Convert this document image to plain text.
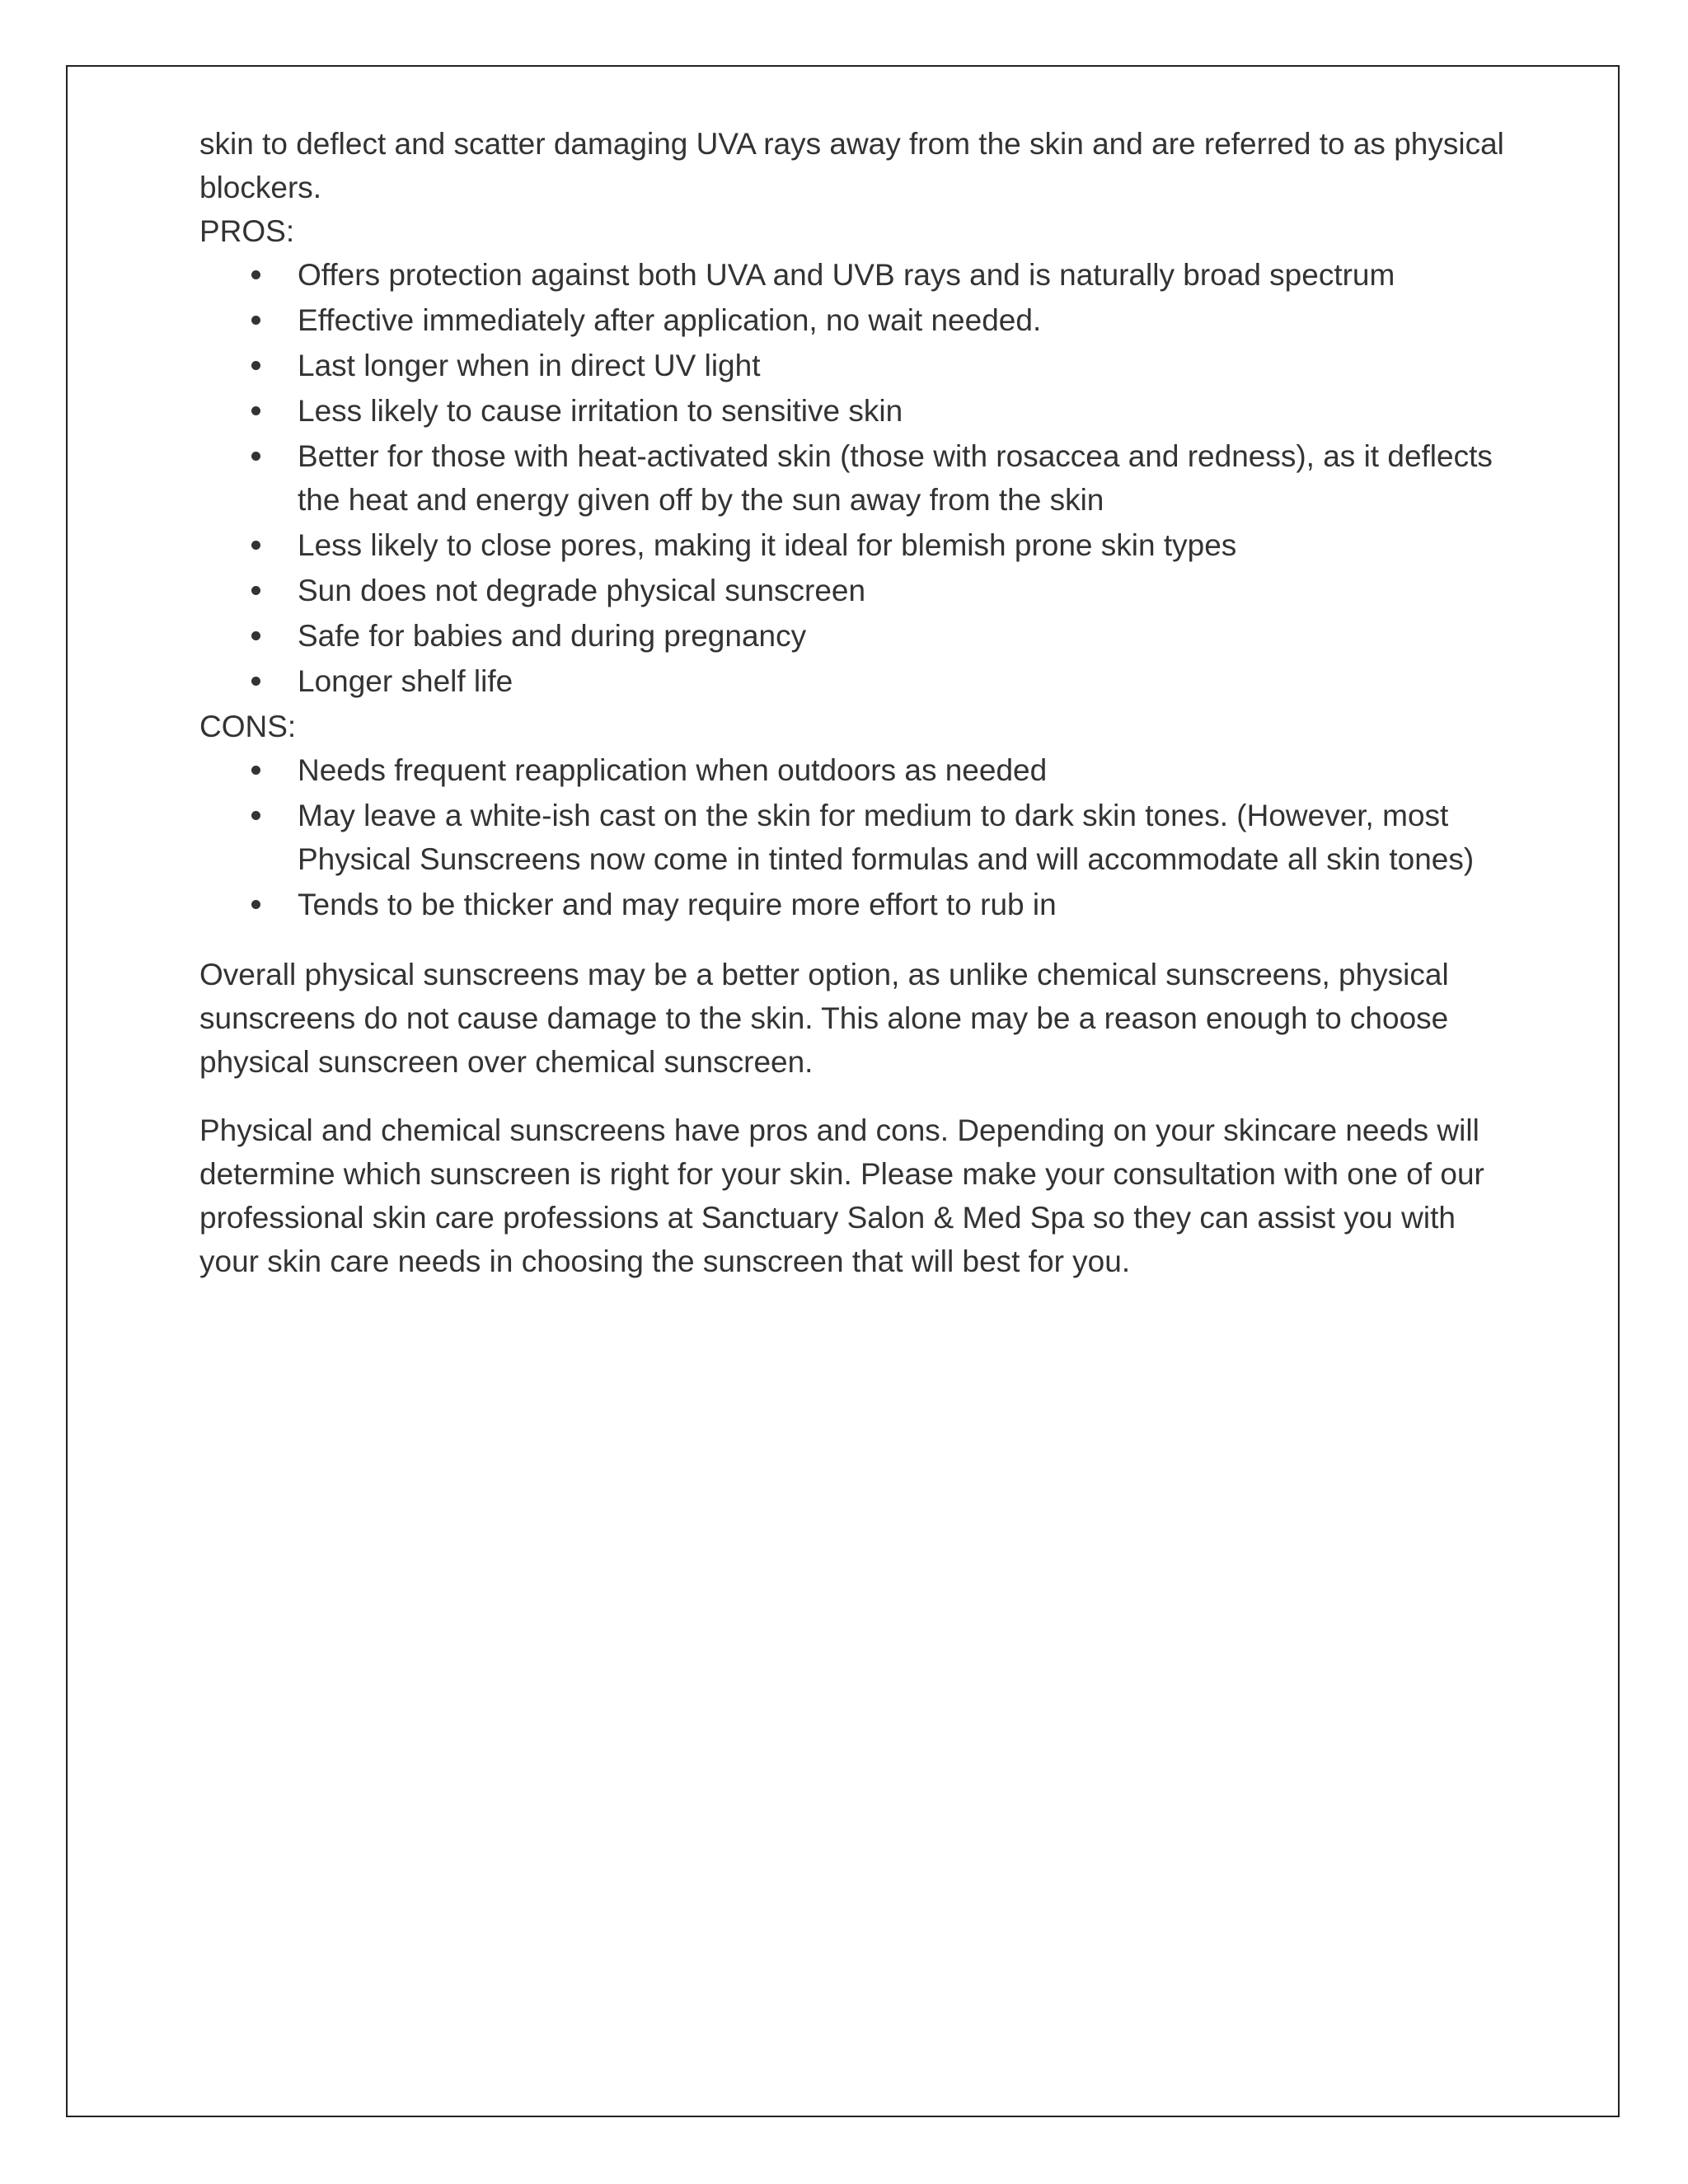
skin to deflect and scatter damaging UVA rays away from the skin and are referred to as physical blockers.

PROS:

Offers protection against both UVA and UVB rays and is naturally broad spectrum
Effective immediately after application, no wait needed.
Last longer when in direct UV light
Less likely to cause irritation to sensitive skin
Better for those with heat-activated skin (those with rosaccea and redness), as it deflects the heat and energy given off by the sun away from the skin
Less likely to close pores, making it ideal for blemish prone skin types
Sun does not degrade physical sunscreen
Safe for babies and during pregnancy
Longer shelf life

CONS:

Needs frequent reapplication when outdoors as needed
May leave a white-ish cast on the skin for medium to dark skin tones. (However, most Physical Sunscreens now come in tinted formulas and will accommodate all skin tones)
Tends to be thicker and may require more effort to rub in

Overall physical sunscreens may be a better option, as unlike chemical sunscreens, physical sunscreens do not cause damage to the skin. This alone may be a reason enough to choose physical sunscreen over chemical sunscreen.

Physical and chemical sunscreens have pros and cons. Depending on your skincare needs will determine which sunscreen is right for your skin. Please make your consultation with one of our professional skin care professions at Sanctuary Salon & Med Spa so they can assist you with your skin care needs in choosing the sunscreen that will best for you.
